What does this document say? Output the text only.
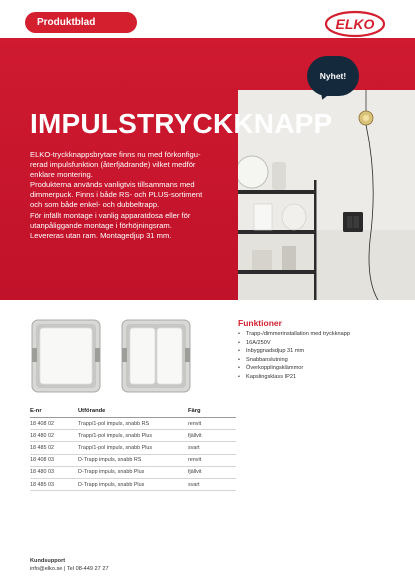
Produktblad	ELKO
IMPULSTRYCKKNAPP

ELKO-tryckknappsbrytare finns nu med förkonfigu-

rerad impulsfunktion (återfjädrande) vilket medför

enklare montering.

Produkterna används vanligtvis tillsammans med

dimmerpuck. Finns i både RS- och PLUS-sortiment

och som både enkel- och dubbeltrapp.

För infällt montage i vanlig apparatdosa eller för

utanpåliggande montage i förhöjningsram.

Levereras utan ram. Montagedjup 31 mm.

Nyhet!
Funktioner
• Trapp-/dimmerinstallation med tryckknapp
• 16A/250V
• Inbyggnadsdjup 31 mm
• Snabbanslutning
• Överkopplingsklämmor
• Kapslingsklass IP21
E-nr	Utförande	Färg
18 408 02	Trapp/1-pol impuls, snabb RS	renvit
18 480 02	Trapp/1-pol impuls, snabb Plus	fjällvit
18 485 02	Trapp/1-pol impuls, snabb Plus	svart
18 408 03	D-Trapp impuls, snabb RS	renvit
18 480 03	D-Trapp impuls, snabb Plus	fjällvit
18 485 03	D-Trapp impuls, snabb Plus	svart
Kundsupport
info@elko.se | Tel 08-449 27 27
